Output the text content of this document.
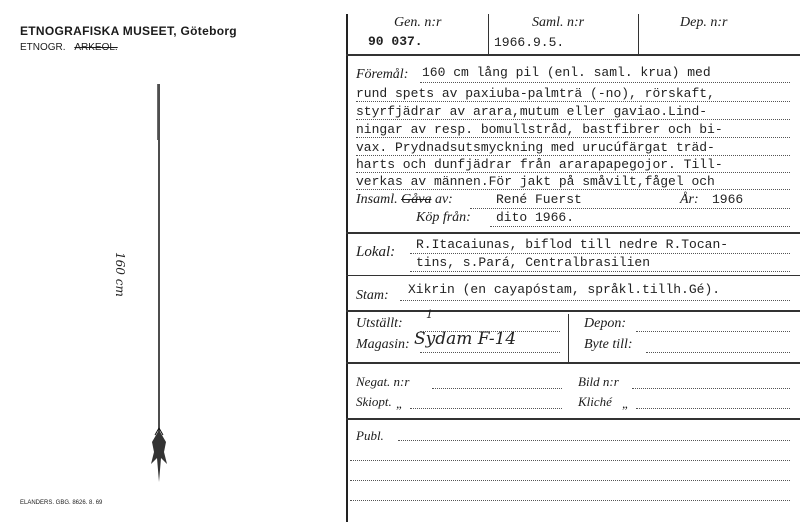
ETNOGRAFISKA MUSEET, Göteborg
ETNOGR. ARKEOL.
160 cm
ELANDERS. GBG. 8626. 8. 69
Gen. n:r
90 037.
Saml. n:r
1966.9.5.
Dep. n:r
Föremål: 160 cm lång pil (enl. saml. krua) med
rund spets av paxiuba-palmträ (-no), rörskaft,
styrfjädrar av arara,mutum eller gaviao.Lind-
ningar av resp. bomullstråd, bastfibrer och bi-
vax. Prydnadsutsmyckning med urucúfärgat träd-
harts och dunfjädrar från ararapapegojor. Till-
verkas av männen.För jakt på småvilt,fågel och
Insaml. Gåva av:	René Fuerst	År: 1966
Köp från: dito 1966.
Lokal: R.Itacaiunas, biflod till nedre R.Tocan-
tins, s.Pará, Centralbrasilien
Stam: Xikrin (en cayapóstam, språkl.tillh.Gé).
Utställt:
1
Magasin: Sydam F-14
Depon:
Byte till:
Negat. n:r	Bild n:r
Skiopt. „	Kliché „
Publ.
